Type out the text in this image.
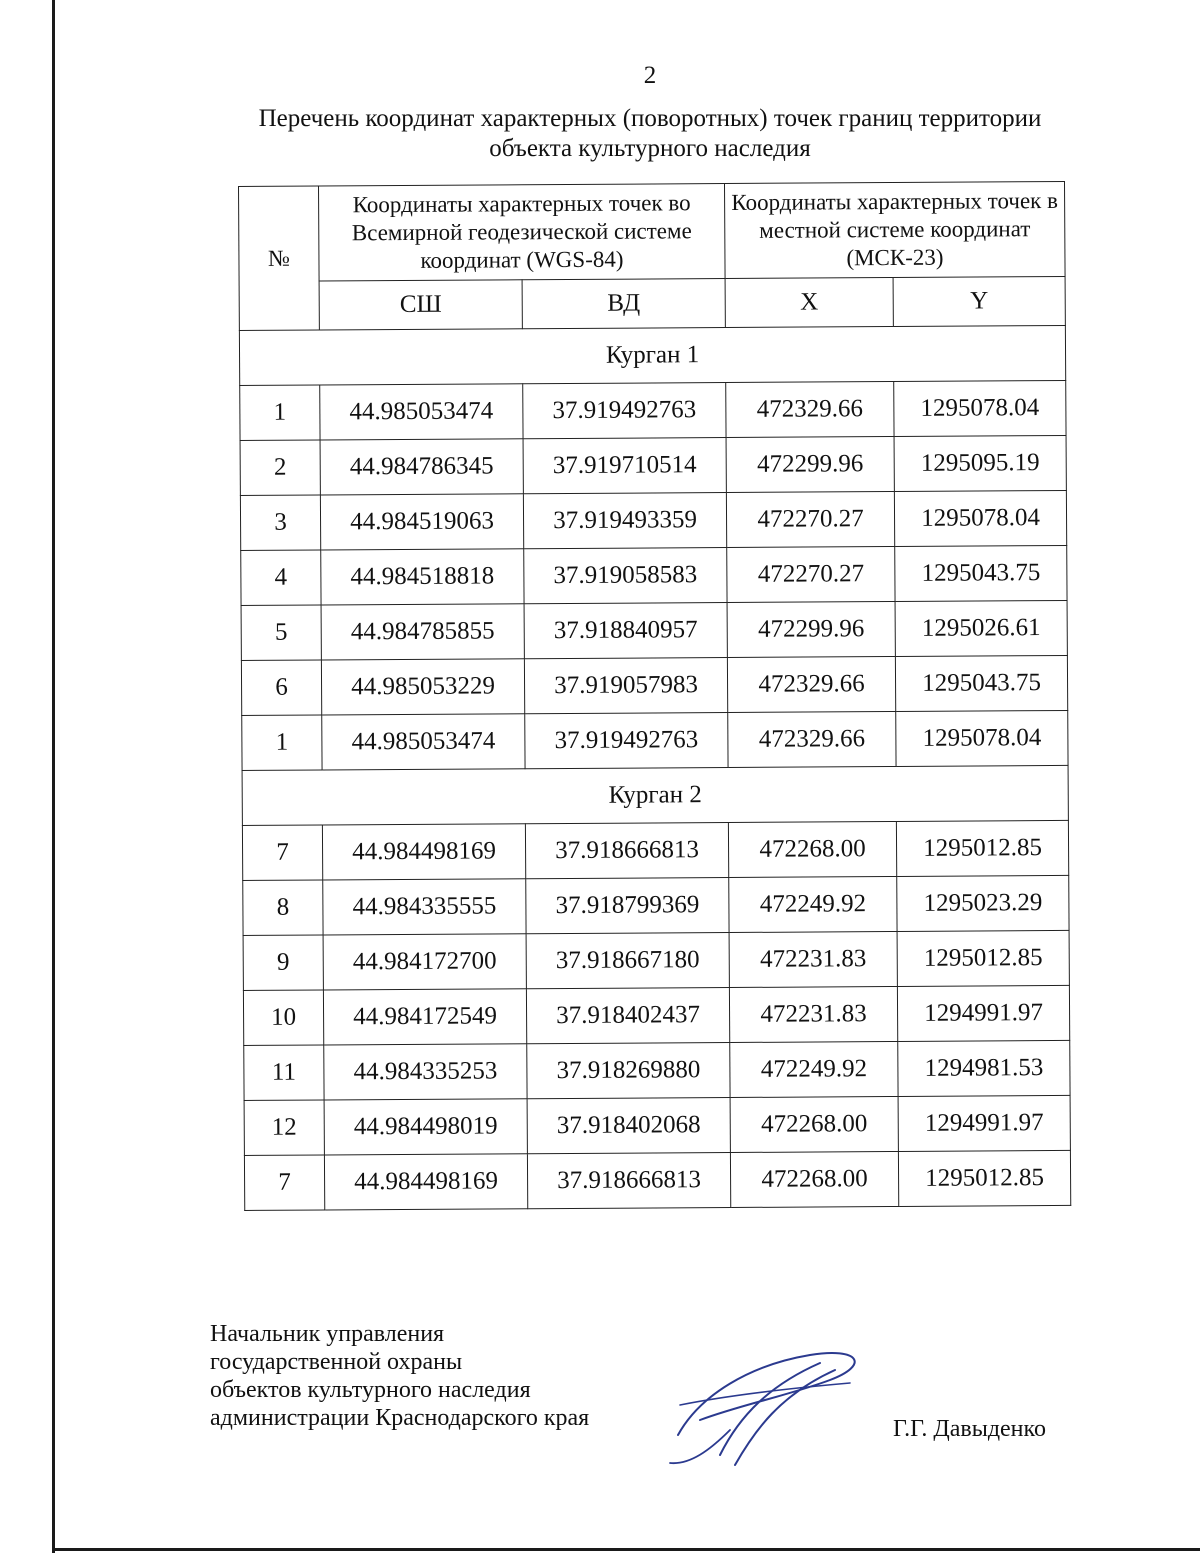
2
Перечень координат характерных (поворотных) точек границ территории
объекта культурного наследия
№	Координаты характерных точек во Всемирной геодезической системе координат (WGS-84)		Координаты характерных точек в местной системе координат (МСК-23)	
	СШ	ВД	X	Y
Курган 1				
1	44.985053474	37.919492763	472329.66	1295078.04
2	44.984786345	37.919710514	472299.96	1295095.19
3	44.984519063	37.919493359	472270.27	1295078.04
4	44.984518818	37.919058583	472270.27	1295043.75
5	44.984785855	37.918840957	472299.96	1295026.61
6	44.985053229	37.919057983	472329.66	1295043.75
1	44.985053474	37.919492763	472329.66	1295078.04
Курган 2				
7	44.984498169	37.918666813	472268.00	1295012.85
8	44.984335555	37.918799369	472249.92	1295023.29
9	44.984172700	37.918667180	472231.83	1295012.85
10	44.984172549	37.918402437	472231.83	1294991.97
11	44.984335253	37.918269880	472249.92	1294981.53
12	44.984498019	37.918402068	472268.00	1294991.97
7	44.984498169	37.918666813	472268.00	1295012.85
Начальник управления
государственной охраны
объектов культурного наследия
администрации Краснодарского края	Г.Г. Давыденко
